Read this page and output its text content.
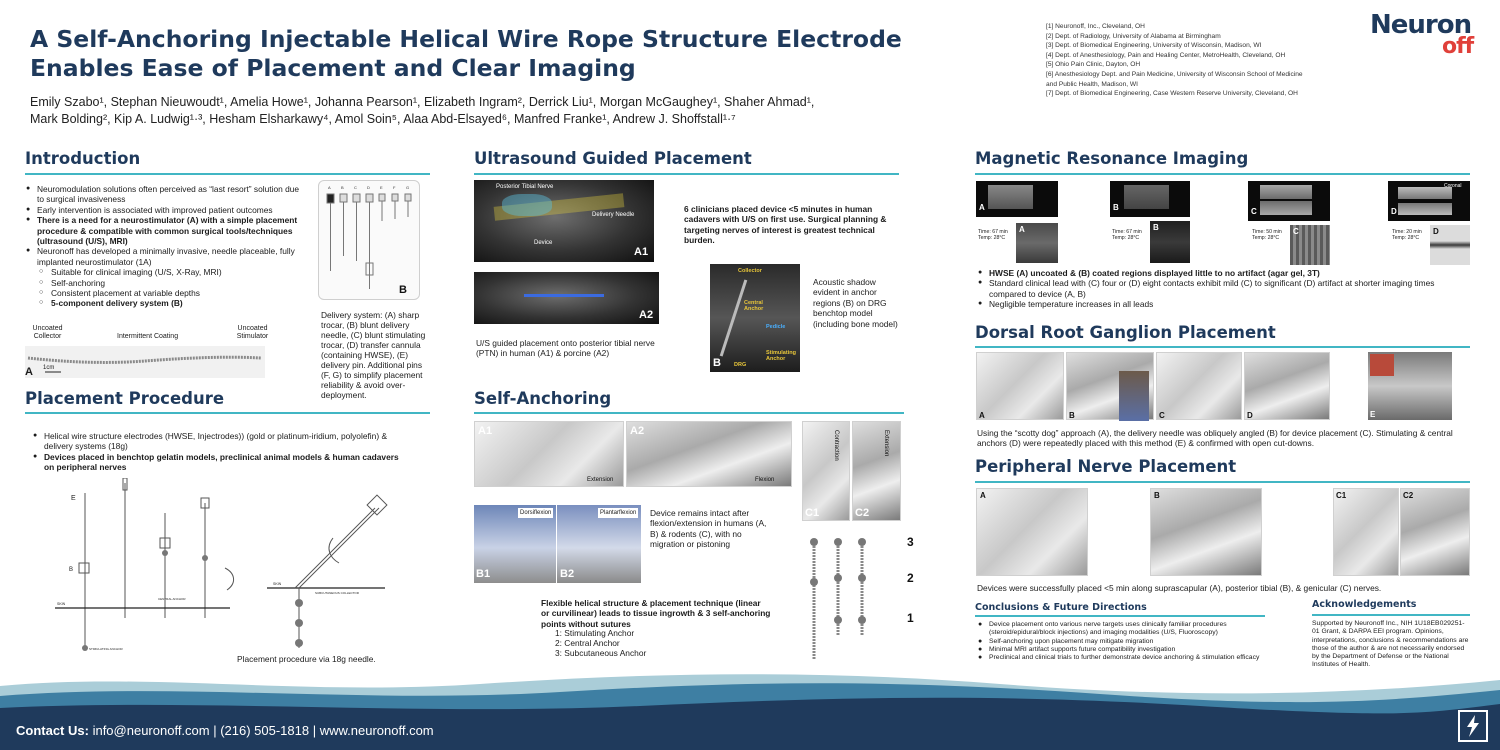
A Self-Anchoring Injectable Helical Wire Rope Structure Electrode
Enables Ease of Placement and Clear Imaging
Emily Szabo¹, Stephan Nieuwoudt¹, Amelia Howe¹, Johanna Pearson¹, Elizabeth Ingram², Derrick Liu¹, Morgan McGaughey¹, Shaher Ahmad¹,
Mark Bolding², Kip A. Ludwig¹·³, Hesham Elsharkawy⁴, Amol Soin⁵, Alaa Abd-Elsayed⁶, Manfred Franke¹, Andrew J. Shoffstall¹·⁷
[1] Neuronoff, Inc., Cleveland, OH
[2] Dept. of Radiology, University of Alabama at Birmingham
[3] Dept. of Biomedical Engineering, University of Wisconsin, Madison, WI
[4] Dept. of Anesthesiology, Pain and Healing Center, MetroHealth, Cleveland, OH
[5] Ohio Pain Clinic, Dayton, OH
[6] Anesthesiology Dept. and Pain Medicine, University of Wisconsin School of Medicine
and Public Health, Madison, WI
[7] Dept. of Biomedical Engineering, Case Western Reserve University, Cleveland, OH
Neuron
off
Introduction
● Neuromodulation solutions often perceived as “last resort” solution due to surgical invasiveness
● Early intervention is associated with improved patient outcomes
● There is a need for a neurostimulator (A) with a simple placement procedure & compatible with common surgical tools/techniques (ultrasound (U/S), MRI)
● Neuronoff has developed a minimally invasive, needle placeable, fully implanted neurostimulator (1A)
○ Suitable for clinical imaging (U/S, X-Ray, MRI)
○ Self-anchoring
○ Consistent placement at variable depths
○ 5-component delivery system (B)
A	B	C	D	E	F	G
B
Delivery system: (A) sharp trocar, (B) blunt delivery needle, (C) blunt stimulating trocar, (D) transfer cannula (containing HWSE), (E) delivery pin. Additional pins (F, G) to simplify placement reliability & avoid over-deployment.
Uncoated Collector	Intermittent Coating
Uncoated Stimulator
A 1cm
Placement Procedure
● Helical wire structure electrodes (HWSE, Injectrodes)) (gold or platinum-iridium, polyolefin) & delivery systems (18g)
● Devices placed in benchtop gelatin models, preclinical animal models & human cadavers on peripheral nerves
E
B
SKIN
SKIN
STIMULATING ANCHOR
CENTRAL ANCHOR
SUBCUTANEOUS COLLECTOR
Placement procedure via 18g needle.
Ultrasound Guided Placement
Posterior Tibial Nerve
Delivery Needle
Device
A1
A2
U/S guided placement onto posterior tibial nerve (PTN) in human (A1) & porcine (A2)
6 clinicians placed device <5 minutes in human cadavers with U/S on first use. Surgical planning & targeting nerves of interest is greatest technical burden.
Collector
Central Anchor
Pedicle
Stimulating Anchor
DRG
B
Acoustic shadow evident in anchor regions (B) on DRG benchtop model (including bone model)
Self-Anchoring
A1
Extension
A2
Flexion
B1	B2
Dorsiflexion	Plantarflexion Device remains intact after flexion/extension in humans (A, B) & rodents (C), with no migration or pistoning
C1
Contraction
C2
Extension
Flexible helical structure & placement technique (linear or curvilinear) leads to tissue ingrowth & 3 self-anchoring points without sutures
1: Stimulating Anchor
2: Central Anchor
3: Subcutaneous Anchor
3
2
1
Magnetic Resonance Imaging
A
Time: 67 min
Temp: 28°C
A
B
Time: 67 min
Temp: 28°C
B
C
Time: 50 min
Temp: 28°C
C
Coronal
D
Time: 20 min
Temp: 28°C
D
● HWSE (A) uncoated & (B) coated regions displayed little to no artifact (agar gel, 3T)
● Standard clinical lead with (C) four or (D) eight contacts exhibit mild (C) to significant (D) artifact at shorter imaging times compared to device (A, B)
● Negligible temperature increases in all leads
Dorsal Root Ganglion Placement
A	B	C	D	E
Using the “scotty dog” approach (A), the delivery needle was obliquely angled (B) for device placement (C). Stimulating & central anchors (D) were repeatedly placed with this method (E) & confirmed with open cut-downs.
Peripheral Nerve Placement
A	B	C1	C2
Devices were successfully placed <5 min along suprascapular (A), posterior tibial (B), & genicular (C) nerves.
Conclusions & Future Directions
● Device placement onto various nerve targets uses clinically familiar procedures (steroid/epidural/block injections) and imaging modalities (U/S, Fluoroscopy)
● Self-anchoring upon placement may mitigate migration
● Minimal MRI artifact supports future compatibility investigation
● Preclinical and clinical trials to further demonstrate device anchoring & stimulation efficacy
Acknowledgements
Supported by Neuronoff Inc., NIH 1U18EB029251-01 Grant, & DARPA EEI program. Opinions, interpretations, conclusions & recommendations are those of the author & are not necessarily endorsed by the Department of Defense or the National Institutes of Health.
Contact Us: info@neuronoff.com | (216) 505-1818 | www.neuronoff.com
